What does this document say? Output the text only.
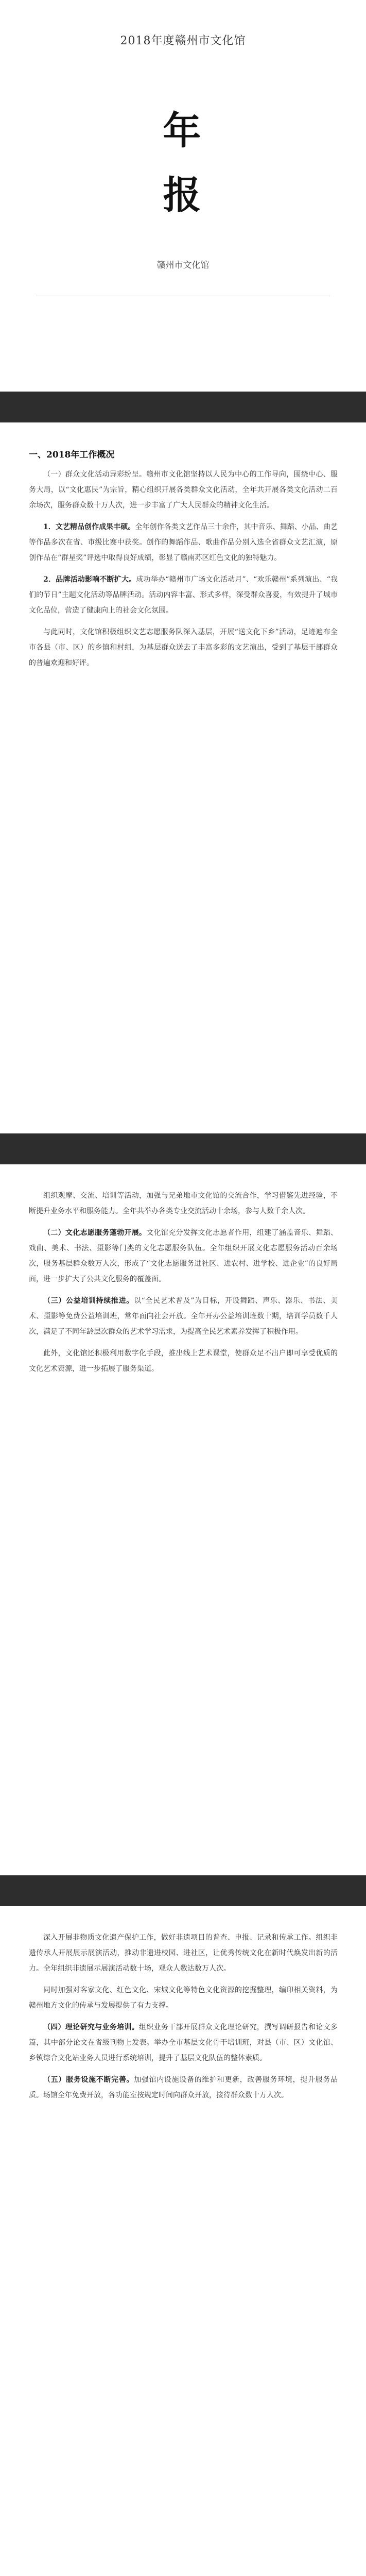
2018年度赣州市文化馆
年
报
赣州市文化馆
一、2018年工作概况

（一）群众文化活动异彩纷呈。赣州市文化馆坚持以人民为中心的工作导向，围绕中心、服务大局，以“文化惠民”为宗旨，精心组织开展各类群众文化活动，全年共开展各类文化活动二百余场次，服务群众数十万人次，进一步丰富了广大人民群众的精神文化生活。

1．文艺精品创作成果丰硕。全年创作各类文艺作品三十余件，其中音乐、舞蹈、小品、曲艺等作品多次在省、市级比赛中获奖。创作的舞蹈作品、歌曲作品分别入选全省群众文艺汇演，原创作品在“群星奖”评选中取得良好成绩，彰显了赣南苏区红色文化的独特魅力。

2．品牌活动影响不断扩大。成功举办“赣州市广场文化活动月”、“欢乐赣州”系列演出、“我们的节日”主题文化活动等品牌活动。活动内容丰富、形式多样，深受群众喜爱，有效提升了城市文化品位，营造了健康向上的社会文化氛围。

与此同时，文化馆积极组织文艺志愿服务队深入基层，开展“送文化下乡”活动，足迹遍布全市各县（市、区）的乡镇和村组，为基层群众送去了丰富多彩的文艺演出，受到了基层干部群众的普遍欢迎和好评。

组织观摩、交流、培训等活动，加强与兄弟地市文化馆的交流合作，学习借鉴先进经验，不断提升业务水平和服务能力。全年共举办各类专业交流活动十余场，参与人数千余人次。

（二）文化志愿服务蓬勃开展。文化馆充分发挥文化志愿者作用，组建了涵盖音乐、舞蹈、戏曲、美术、书法、摄影等门类的文化志愿服务队伍。全年组织开展文化志愿服务活动百余场次，服务基层群众数万人次，形成了“文化志愿服务进社区、进农村、进学校、进企业”的良好局面，进一步扩大了公共文化服务的覆盖面。

（三）公益培训持续推进。以“全民艺术普及”为目标，开设舞蹈、声乐、器乐、书法、美术、摄影等免费公益培训班，常年面向社会开放。全年开办公益培训班数十期，培训学员数千人次，满足了不同年龄层次群众的艺术学习需求，为提高全民艺术素养发挥了积极作用。

此外，文化馆还积极利用数字化手段，推出线上艺术课堂，使群众足不出户即可享受优质的文化艺术资源，进一步拓展了服务渠道。

深入开展非物质文化遗产保护工作，做好非遗项目的普查、申报、记录和传承工作。组织非遗传承人开展展示展演活动，推动非遗进校园、进社区，让优秀传统文化在新时代焕发出新的活力。全年组织非遗展示展演活动数十场，观众人数达数万人次。

同时加强对客家文化、红色文化、宋城文化等特色文化资源的挖掘整理，编印相关资料，为赣州地方文化的传承与发展提供了有力支撑。

（四）理论研究与业务培训。组织业务干部开展群众文化理论研究，撰写调研报告和论文多篇，其中部分论文在省级刊物上发表。举办全市基层文化骨干培训班，对县（市、区）文化馆、乡镇综合文化站业务人员进行系统培训，提升了基层文化队伍的整体素质。

（五）服务设施不断完善。加强馆内设施设备的维护和更新，改善服务环境，提升服务品质。场馆全年免费开放，各功能室按规定时间向群众开放，接待群众数十万人次。
